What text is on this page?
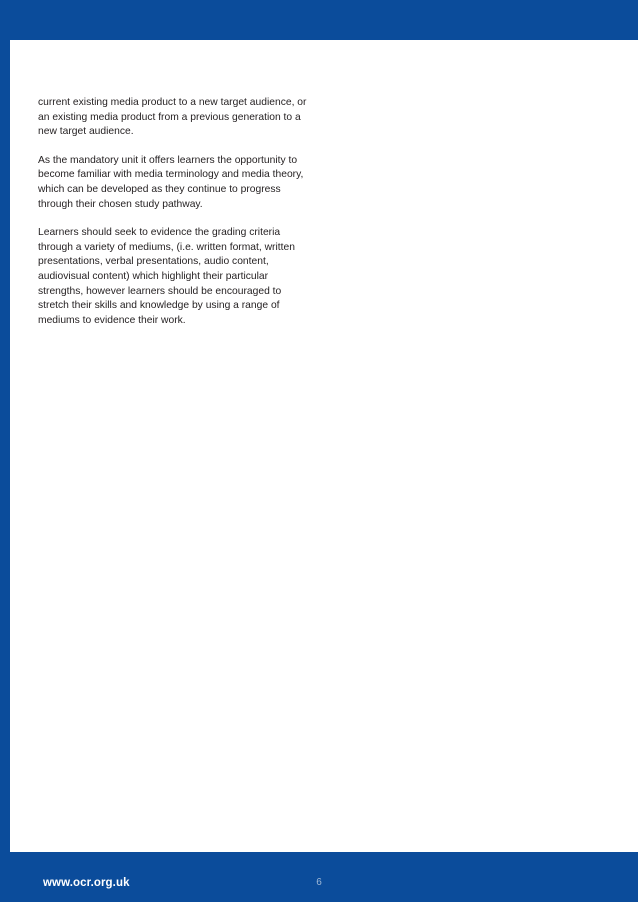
current existing media product to a new target audience, or an existing media product from a previous generation to a new target audience.

As the mandatory unit it offers learners the opportunity to become familiar with media terminology and media theory, which can be developed as they continue to progress through their chosen study pathway.

Learners should seek to evidence the grading criteria through a variety of mediums, (i.e. written format, written presentations, verbal presentations, audio content, audiovisual content) which highlight their particular strengths, however learners should be encouraged to stretch their skills and knowledge by using a range of mediums to evidence their work.

www.ocr.org.uk	6
